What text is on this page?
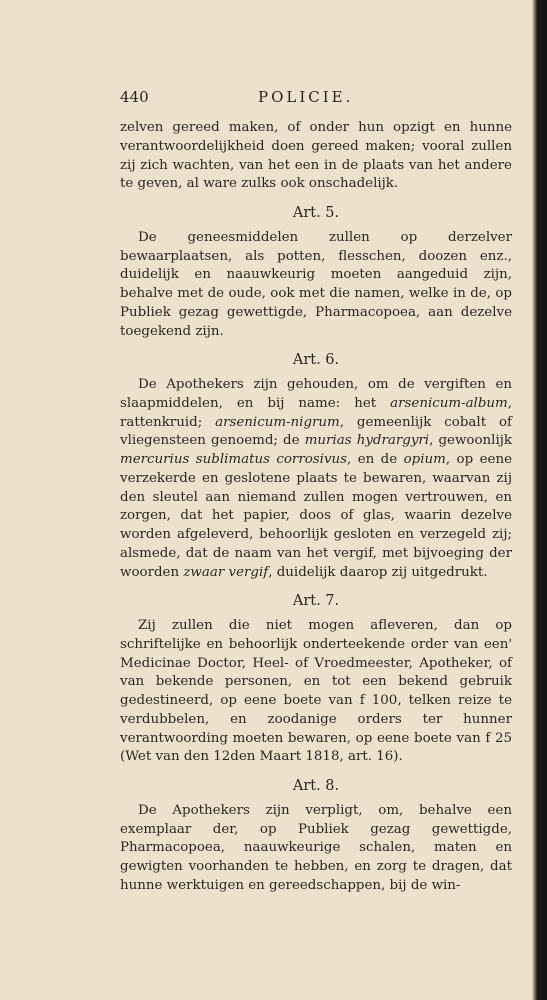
440	POLICIE.

zelven gereed maken, of onder hun opzigt en hunne verantwoordelijkheid doen gereed maken; vooral zullen zij zich wachten, van het een in de plaats van het andere te geven, al ware zulks ook onschadelijk.

Art. 5.

De geneesmiddelen zullen op derzelver bewaarplaatsen, als potten, flesschen, doozen enz., duidelijk en naauwkeurig moeten aangeduid zijn, behalve met de oude, ook met die namen, welke in de, op Publiek gezag gewettigde, Pharmacopoea, aan dezelve toegekend zijn.

Art. 6.

De Apothekers zijn gehouden, om de vergiften en slaapmiddelen, en bij name: het arsenicum-album, rattenkruid; arsenicum-nigrum, gemeenlijk cobalt of vliegensteen genoemd; de murias hydrargyri, gewoonlijk mercurius sublimatus corrosivus, en de opium, op eene verzekerde en geslotene plaats te bewaren, waarvan zij den sleutel aan niemand zullen mogen vertrouwen, en zorgen, dat het papier, doos of glas, waarin dezelve worden afgeleverd, behoorlijk gesloten en verzegeld zij; alsmede, dat de naam van het vergif, met bijvoeging der woorden zwaar vergif, duidelijk daarop zij uitgedrukt.

Art. 7.

Zij zullen die niet mogen afleveren, dan op schriftelijke en behoorlijk onderteekende order van een' Medicinae Doctor, Heel- of Vroedmeester, Apotheker, of van bekende personen, en tot een bekend gebruik gedestineerd, op eene boete van f 100, telken reize te verdubbelen, en zoodanige orders ter hunner verantwoording moeten bewaren, op eene boete van f 25 (Wet van den 12den Maart 1818, art. 16).

Art. 8.

De Apothekers zijn verpligt, om, behalve een exemplaar der, op Publiek gezag gewettigde, Pharmacopoea, naauwkeurige schalen, maten en gewigten voorhanden te hebben, en zorg te dragen, dat hunne werktuigen en gereedschappen, bij de win-
